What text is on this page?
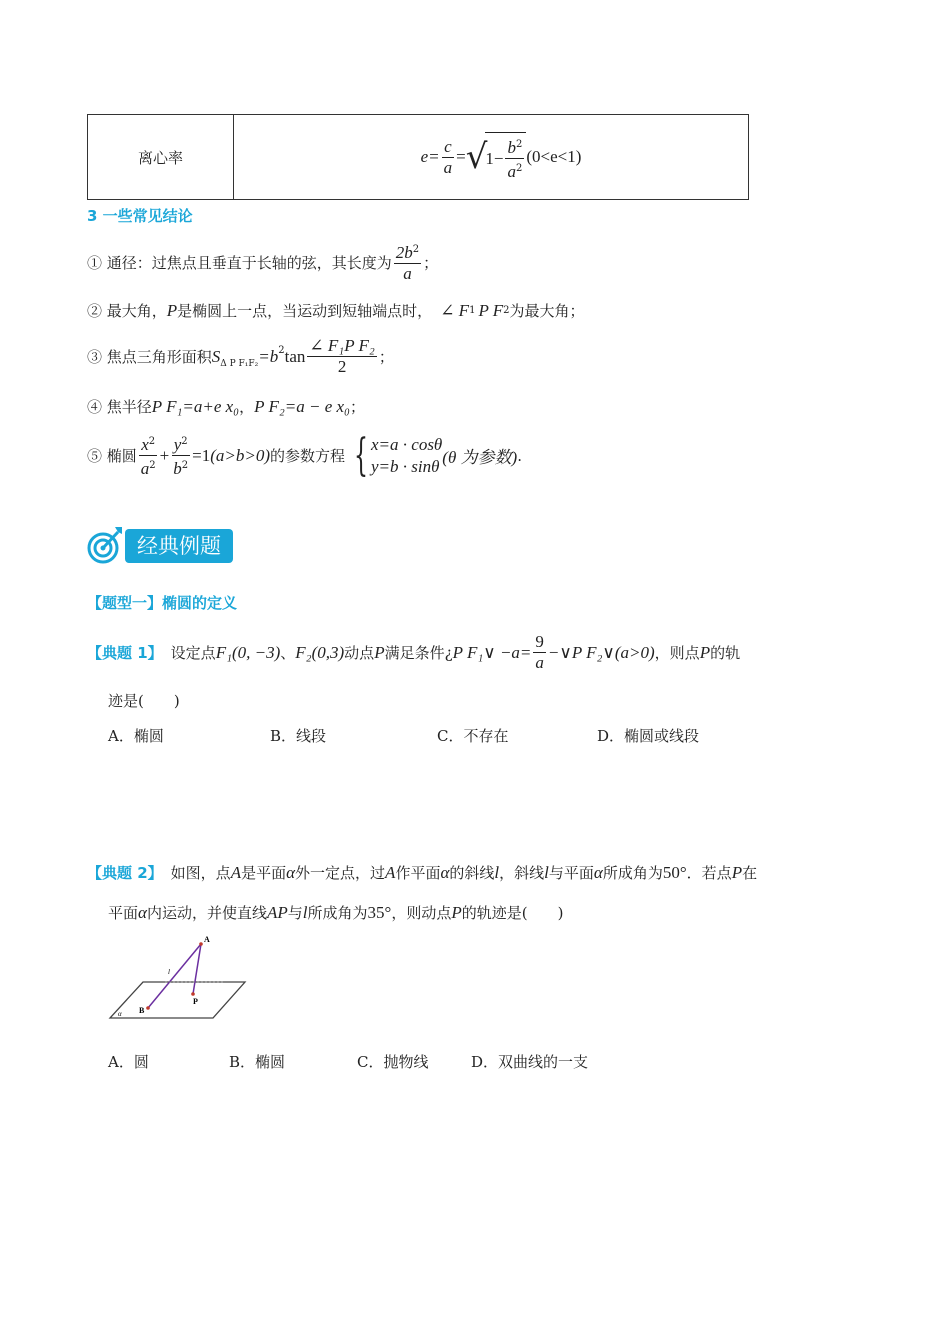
离心率	$e= \frac{c}{a}$ = √
$1- \frac{b^2}{a^2} (0<e<1)$
3 一些常见结论
① 通径：过焦点且垂直于长轴的弦，其长度为 $\frac{2b^2}{a}$ ；
② 最大角， P 是椭圆上一点，当运动到短轴端点时， ∠ F 1 P F 2 为最大角；
③ 焦点三角形面积 $S_{\Delta P F_1F_2} =b^2$ $\tan \frac{\text{∠ F₁P F₂}}{2}$ ；
④ 焦半径 P F₁=a+e x₀ ， P F₂=a − e x₀ ；
⑤ 椭圆 $\frac{x^2}{a^2} + \frac{y^2}{b^2} =1$ (a>b>0) 的参数方程 { x=a · cosθ
y=b · sinθ (θ 为参数) .
经典例题
【题型一】椭圆的定义
【典题 1】 设定点 F₁(0, −3) 、 F₂(0,3) 动点 P 满足条件¿ P F₁∨ $-a= \frac{9}{a}$ −∨ P F₂∨(a>0) ，则点 P 的轨
迹是(　　)
A．椭圆	B．线段	C．不存在	D．椭圆或线段
【典题 2】 如图，点 A 是平面 α 外一定点，过 A 作平面 α 的斜线 l ，斜线 l 与平面 α 所成角为 50° ．若点 P 在
平面 α 内运动，并使直线 AP 与 l 所成角为 35° ，则动点 P 的轨迹是(　　)
A
B
P
l
α
A．圆	B．椭圆	C．抛物线	D．双曲线的一支
